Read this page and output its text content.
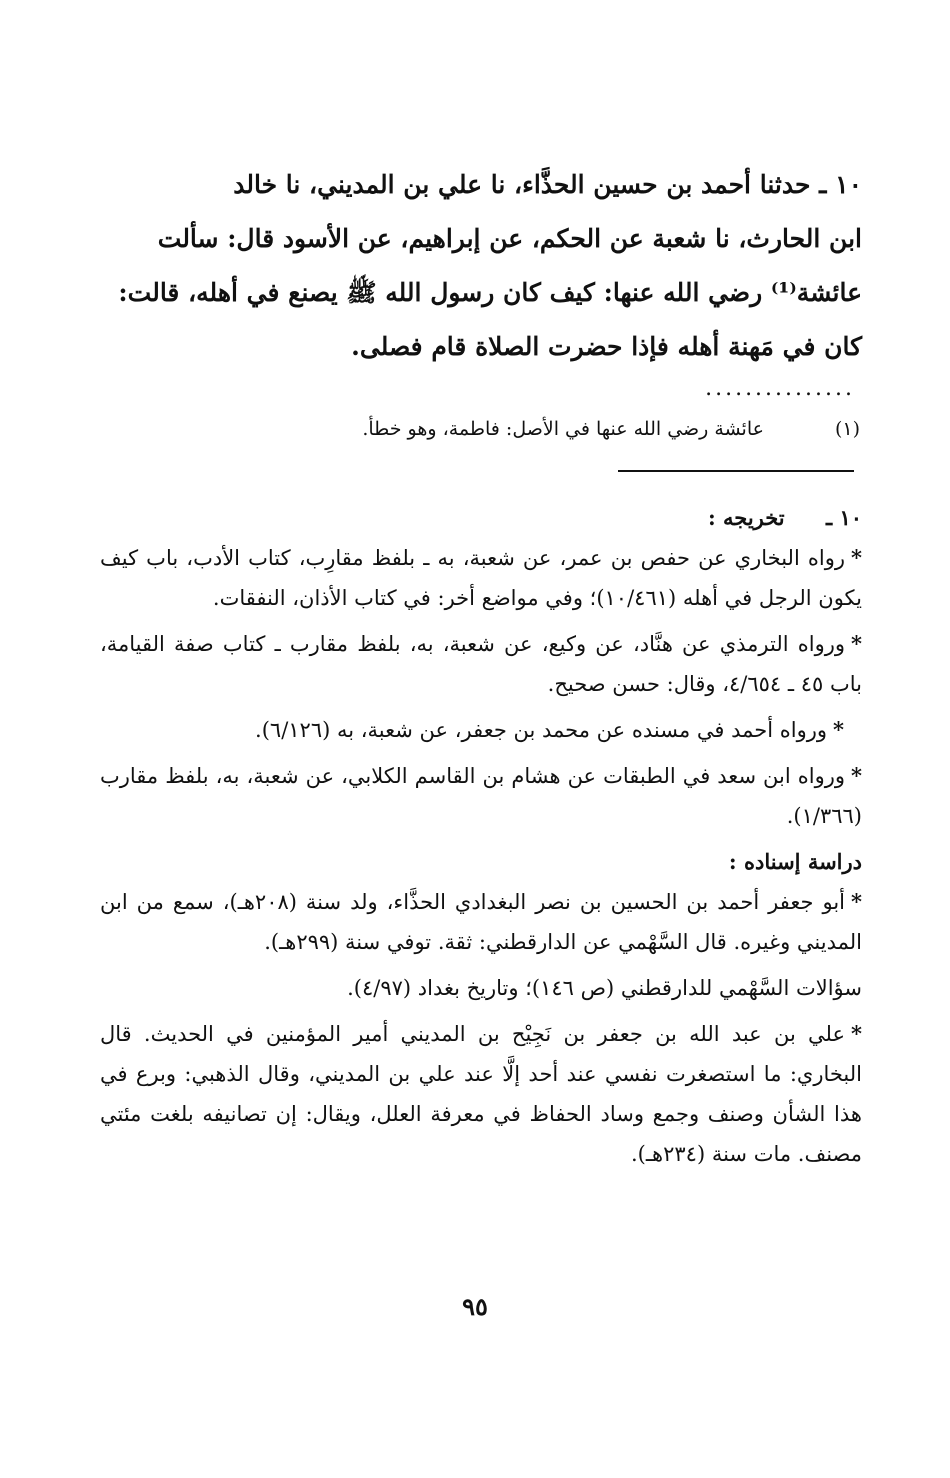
١٠ ـ حدثنا أحمد بن حسين الحذَّاء، نا علي بن المديني، نا خالد

ابن الحارث، نا شعبة عن الحكم، عن إبراهيم، عن الأسود قال: سألت

عائشة⁽¹⁾ رضي الله عنها: كيف كان رسول الله ﷺ يصنع في أهله، قالت:

كان في مَهنة أهله فإذا حضرت الصلاة قام فصلى.

...............
(١) عائشة رضي الله عنها في الأصل: فاطمة، وهو خطأ.

١٠ ـ تخريجه :

*رواه البخاري عن حفص بن عمر، عن شعبة، به ـ بلفظ مقارِب، كتاب الأدب، باب كيف يكون الرجل في أهله (١٠/٤٦١)؛ وفي مواضع أخر: في كتاب الأذان، النفقات.

*ورواه الترمذي عن هنَّاد، عن وكيع، عن شعبة، به، بلفظ مقارب ـ كتاب صفة القيامة، باب ٤٥ ـ ٤/٦٥٤، وقال: حسن صحيح.

*ورواه أحمد في مسنده عن محمد بن جعفر، عن شعبة، به (٦/١٢٦).

*ورواه ابن سعد في الطبقات عن هشام بن القاسم الكلابي، عن شعبة، به، بلفظ مقارب (١/٣٦٦).

دراسة إسناده :

*أبو جعفر أحمد بن الحسين بن نصر البغدادي الحذَّاء، ولد سنة (٢٠٨هـ)، سمع من ابن المديني وغيره. قال السَّهْمي عن الدارقطني: ثقة. توفي سنة (٢٩٩هـ).

سؤالات السَّهْمي للدارقطني (ص ١٤٦)؛ وتاريخ بغداد (٤/٩٧).

*علي بن عبد الله بن جعفر بن نَجِيْح بن المديني أمير المؤمنين في الحديث. قال البخاري: ما استصغرت نفسي عند أحد إلَّا عند علي بن المديني، وقال الذهبي: وبرع في هذا الشأن وصنف وجمع وساد الحفاظ في معرفة العلل، ويقال: إن تصانيفه بلغت مئتي مصنف. مات سنة (٢٣٤هـ).

٩٥
